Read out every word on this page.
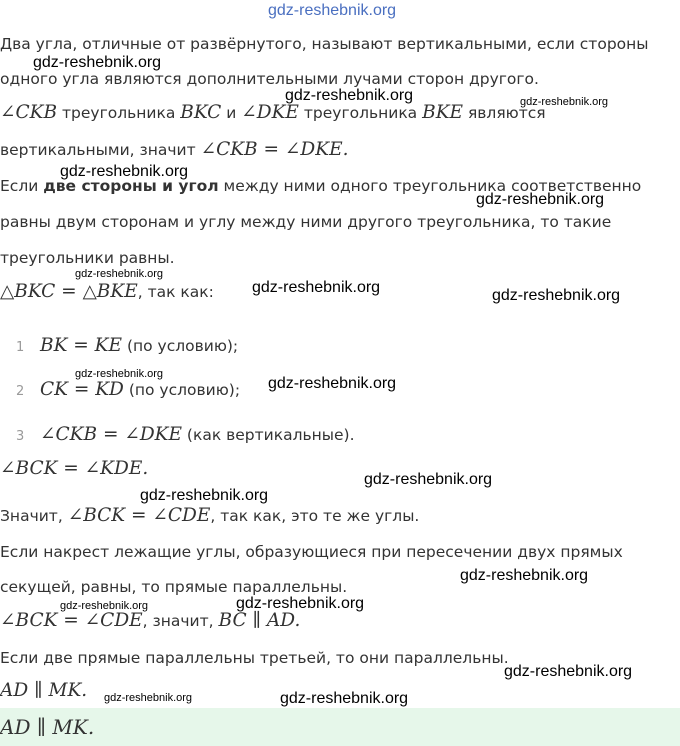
gdz-reshebnik.org
Два угла, отличные от развёрнутого, называют вертикальными, если стороны
одного угла являются дополнительными лучами сторон другого.
∠CKB треугольника BKC и ∠DKE треугольника BKE являются
вертикальными, значит ∠CKB = ∠DKE.
Если две стороны и угол между ними одного треугольника соответственно
равны двум сторонам и углу между ними другого треугольника, то такие
треугольники равны.
△BKC = △BKE, так как:
1 BK = KE (по условию);
2 CK = KD (по условию);
3 ∠CKB = ∠DKE (как вертикальные).
∠BCK = ∠KDE.
Значит, ∠BCK = ∠CDE, так как, это те же углы.
Если накрест лежащие углы, образующиеся при пересечении двух прямых
секущей, равны, то прямые параллельны.
∠BCK = ∠CDE, значит, BC ∥ AD.
Если две прямые параллельны третьей, то они параллельны.
AD ∥ MK.
AD ∥ MK.
gdz-reshebnik.org
gdz-reshebnik.org	gdz-reshebnik.org
gdz-reshebnik.org
gdz-reshebnik.org
gdz-reshebnik.org
gdz-reshebnik.org	gdz-reshebnik.org
gdz-reshebnik.org
gdz-reshebnik.org
gdz-reshebnik.org
gdz-reshebnik.org
gdz-reshebnik.org
gdz-reshebnik.org
gdz-reshebnik.org
gdz-reshebnik.org
gdz-reshebnik.org	gdz-reshebnik.org
